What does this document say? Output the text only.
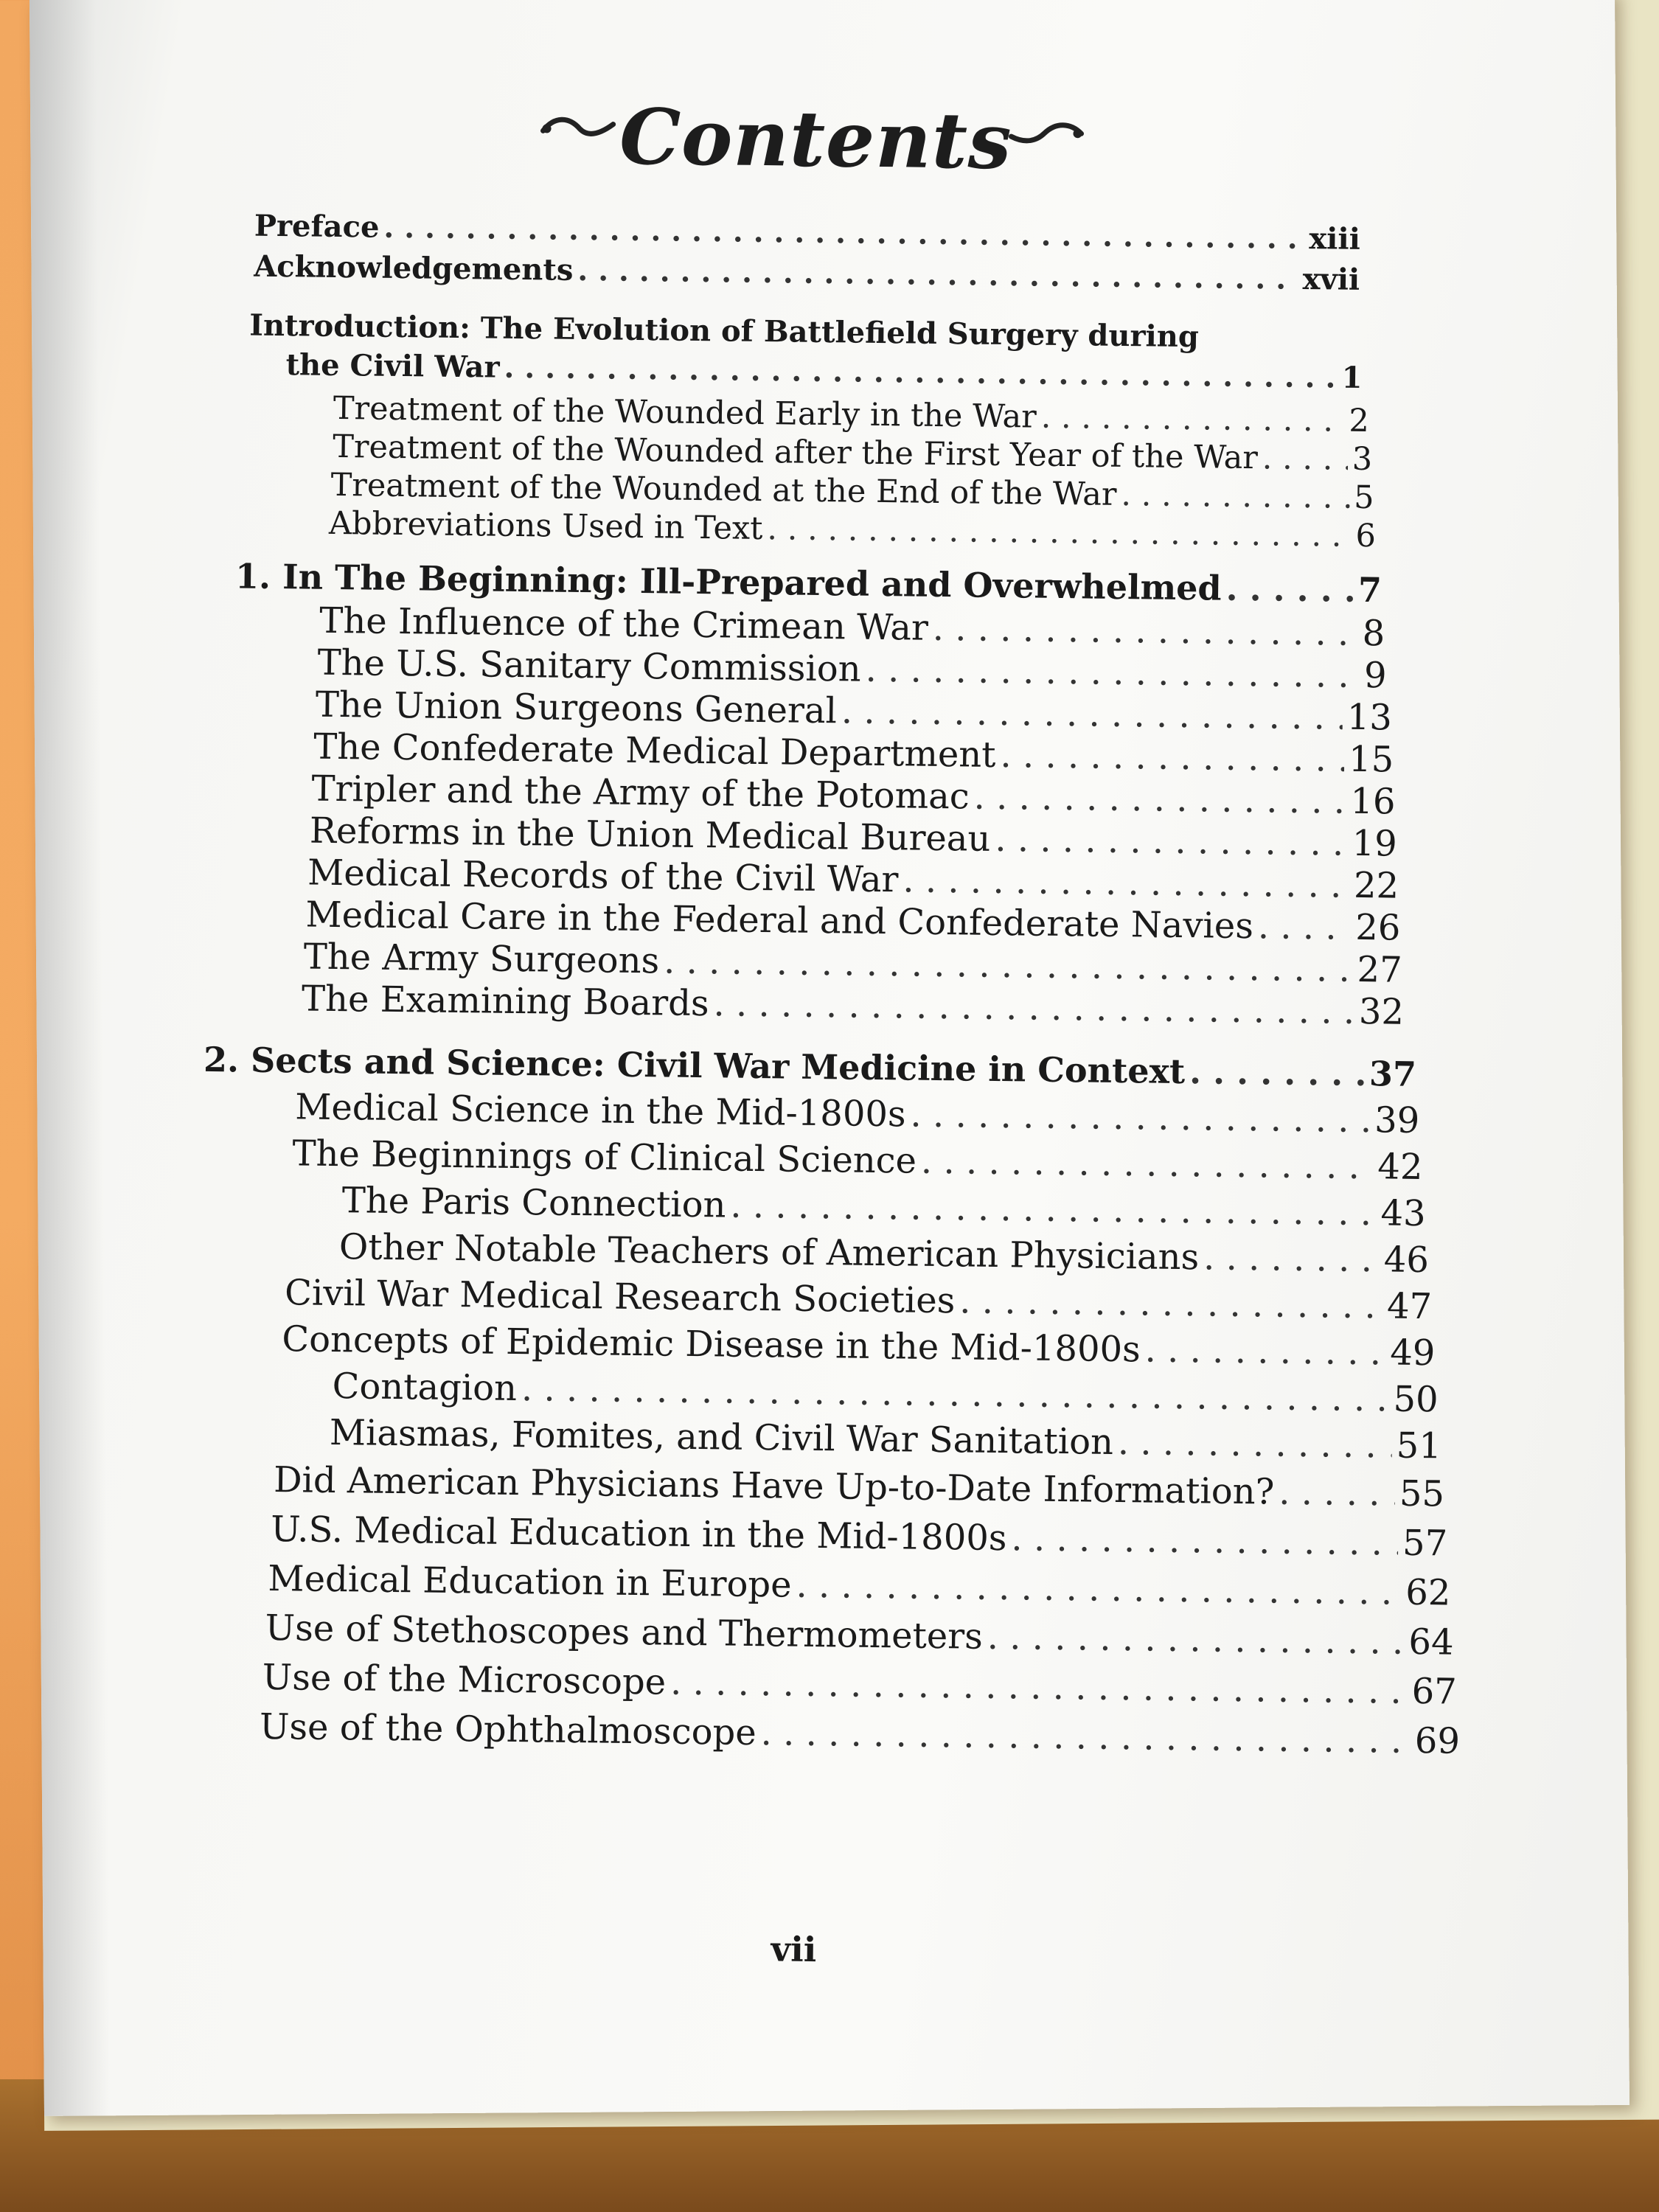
Contents
Preface . . .	xiii
Acknowledgements . . .	xvii
Introduction: The Evolution of Battlefield Surgery during
the Civil War . . .	1
Treatment of the Wounded Early in the War . . .	2
Treatment of the Wounded after the First Year of the War . . .	3
Treatment of the Wounded at the End of the War . . .	5
Abbreviations Used in Text . . .	6
1. In The Beginning: Ill-Prepared and Overwhelmed . . .	7
The Influence of the Crimean War . . .	8
The U.S. Sanitary Commission . . .	9
The Union Surgeons General . . .	13
The Confederate Medical Department . . .	15
Tripler and the Army of the Potomac . . .	16
Reforms in the Union Medical Bureau . . .	19
Medical Records of the Civil War . . .	22
Medical Care in the Federal and Confederate Navies . . .	26
The Army Surgeons . . .	27
The Examining Boards . . .	32
2. Sects and Science: Civil War Medicine in Context . . .	37
Medical Science in the Mid-1800s . . .	39
The Beginnings of Clinical Science . . .	42
The Paris Connection . . .	43
Other Notable Teachers of American Physicians . . .	46
Civil War Medical Research Societies . . .	47
Concepts of Epidemic Disease in the Mid-1800s . . .	49
Contagion . . .	50
Miasmas, Fomites, and Civil War Sanitation . . .	51
Did American Physicians Have Up-to-Date Information? . . .	55
U.S. Medical Education in the Mid-1800s . . .	57
Medical Education in Europe . . .	62
Use of Stethoscopes and Thermometers . . .	64
Use of the Microscope . . .	67
Use of the Ophthalmoscope . . .	69
vii
